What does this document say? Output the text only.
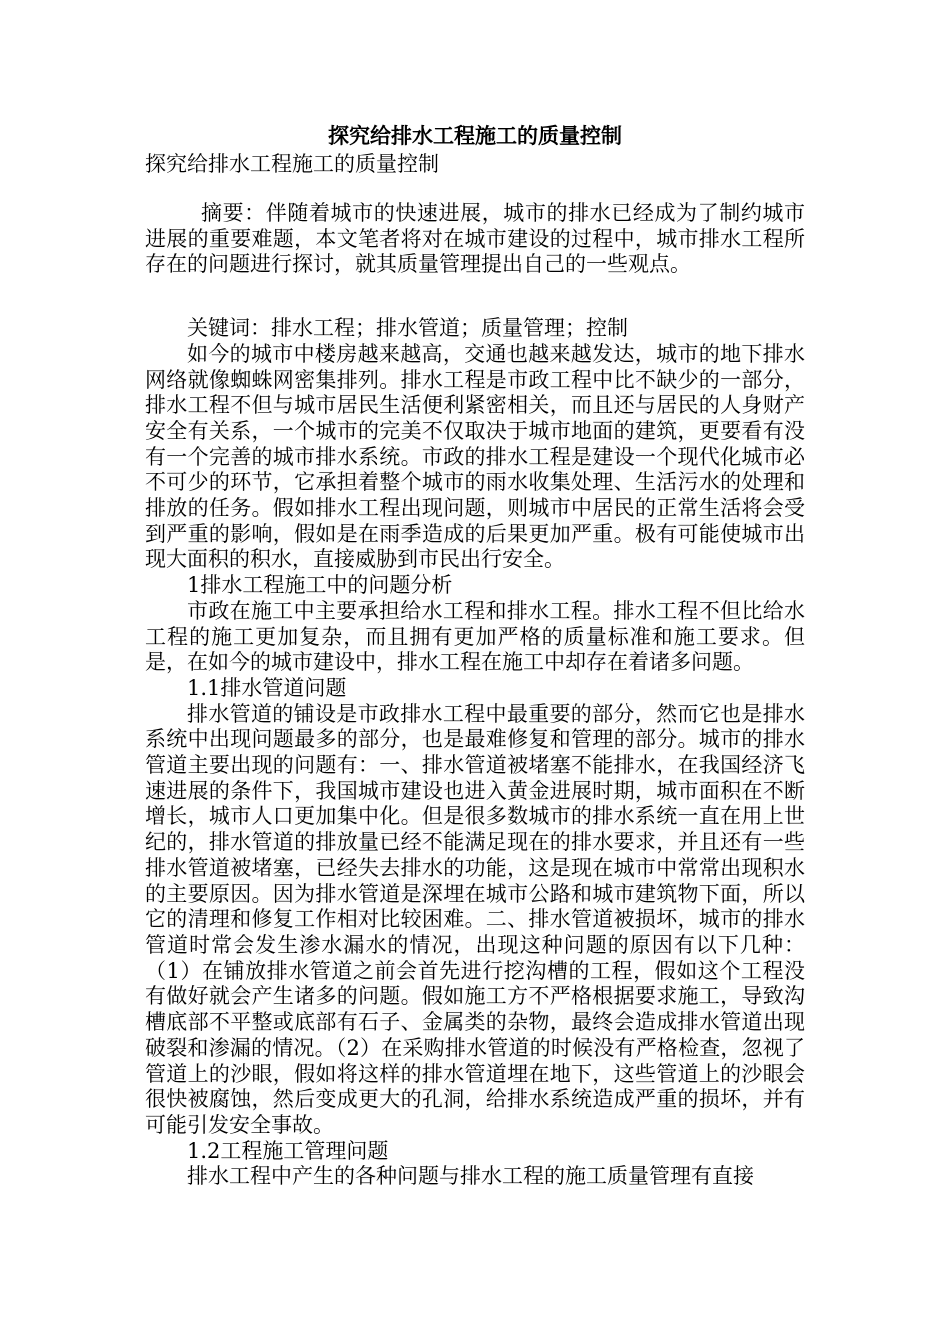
探究给排水工程施工的质量控制
探究给排水工程施工的质量控制

摘要：伴随着城市的快速进展，城市的排水已经成为了制约城市进展的重要难题，本文笔者将对在城市建设的过程中，城市排水工程所存在的问题进行探讨，就其质量管理提出自己的一些观点。

关键词：排水工程；排水管道；质量管理；控制

如今的城市中楼房越来越高，交通也越来越发达，城市的地下排水网络就像蜘蛛网密集排列。排水工程是市政工程中比不缺少的一部分，排水工程不但与城市居民生活便利紧密相关，而且还与居民的人身财产安全有关系，一个城市的完美不仅取决于城市地面的建筑，更要看有没有一个完善的城市排水系统。市政的排水工程是建设一个现代化城市必不可少的环节，它承担着整个城市的雨水收集处理、生活污水的处理和排放的任务。假如排水工程出现问题，则城市中居民的正常生活将会受到严重的影响，假如是在雨季造成的后果更加严重。极有可能使城市出现大面积的积水，直接威胁到市民出行安全。

1排水工程施工中的问题分析

市政在施工中主要承担给水工程和排水工程。排水工程不但比给水工程的施工更加复杂，而且拥有更加严格的质量标准和施工要求。但是，在如今的城市建设中，排水工程在施工中却存在着诸多问题。

1.1排水管道问题

排水管道的铺设是市政排水工程中最重要的部分，然而它也是排水系统中出现问题最多的部分，也是最难修复和管理的部分。城市的排水管道主要出现的问题有：一、排水管道被堵塞不能排水，在我国经济飞速进展的条件下，我国城市建设也进入黄金进展时期，城市面积在不断增长，城市人口更加集中化。但是很多数城市的排水系统一直在用上世纪的，排水管道的排放量已经不能满足现在的排水要求，并且还有一些排水管道被堵塞，已经失去排水的功能，这是现在城市中常常出现积水的主要原因。因为排水管道是深埋在城市公路和城市建筑物下面，所以它的清理和修复工作相对比较困难。二、排水管道被损坏，城市的排水管道时常会发生渗水漏水的情况，出现这种问题的原因有以下几种：（1）在铺放排水管道之前会首先进行挖沟槽的工程，假如这个工程没有做好就会产生诸多的问题。假如施工方不严格根据要求施工，导致沟槽底部不平整或底部有石子、金属类的杂物，最终会造成排水管道出现破裂和渗漏的情况。（2）在采购排水管道的时候没有严格检查，忽视了管道上的沙眼，假如将这样的排水管道埋在地下，这些管道上的沙眼会很快被腐蚀，然后变成更大的孔洞，给排水系统造成严重的损坏，并有可能引发安全事故。

1.2工程施工管理问题

排水工程中产生的各种问题与排水工程的施工质量管理有直接
